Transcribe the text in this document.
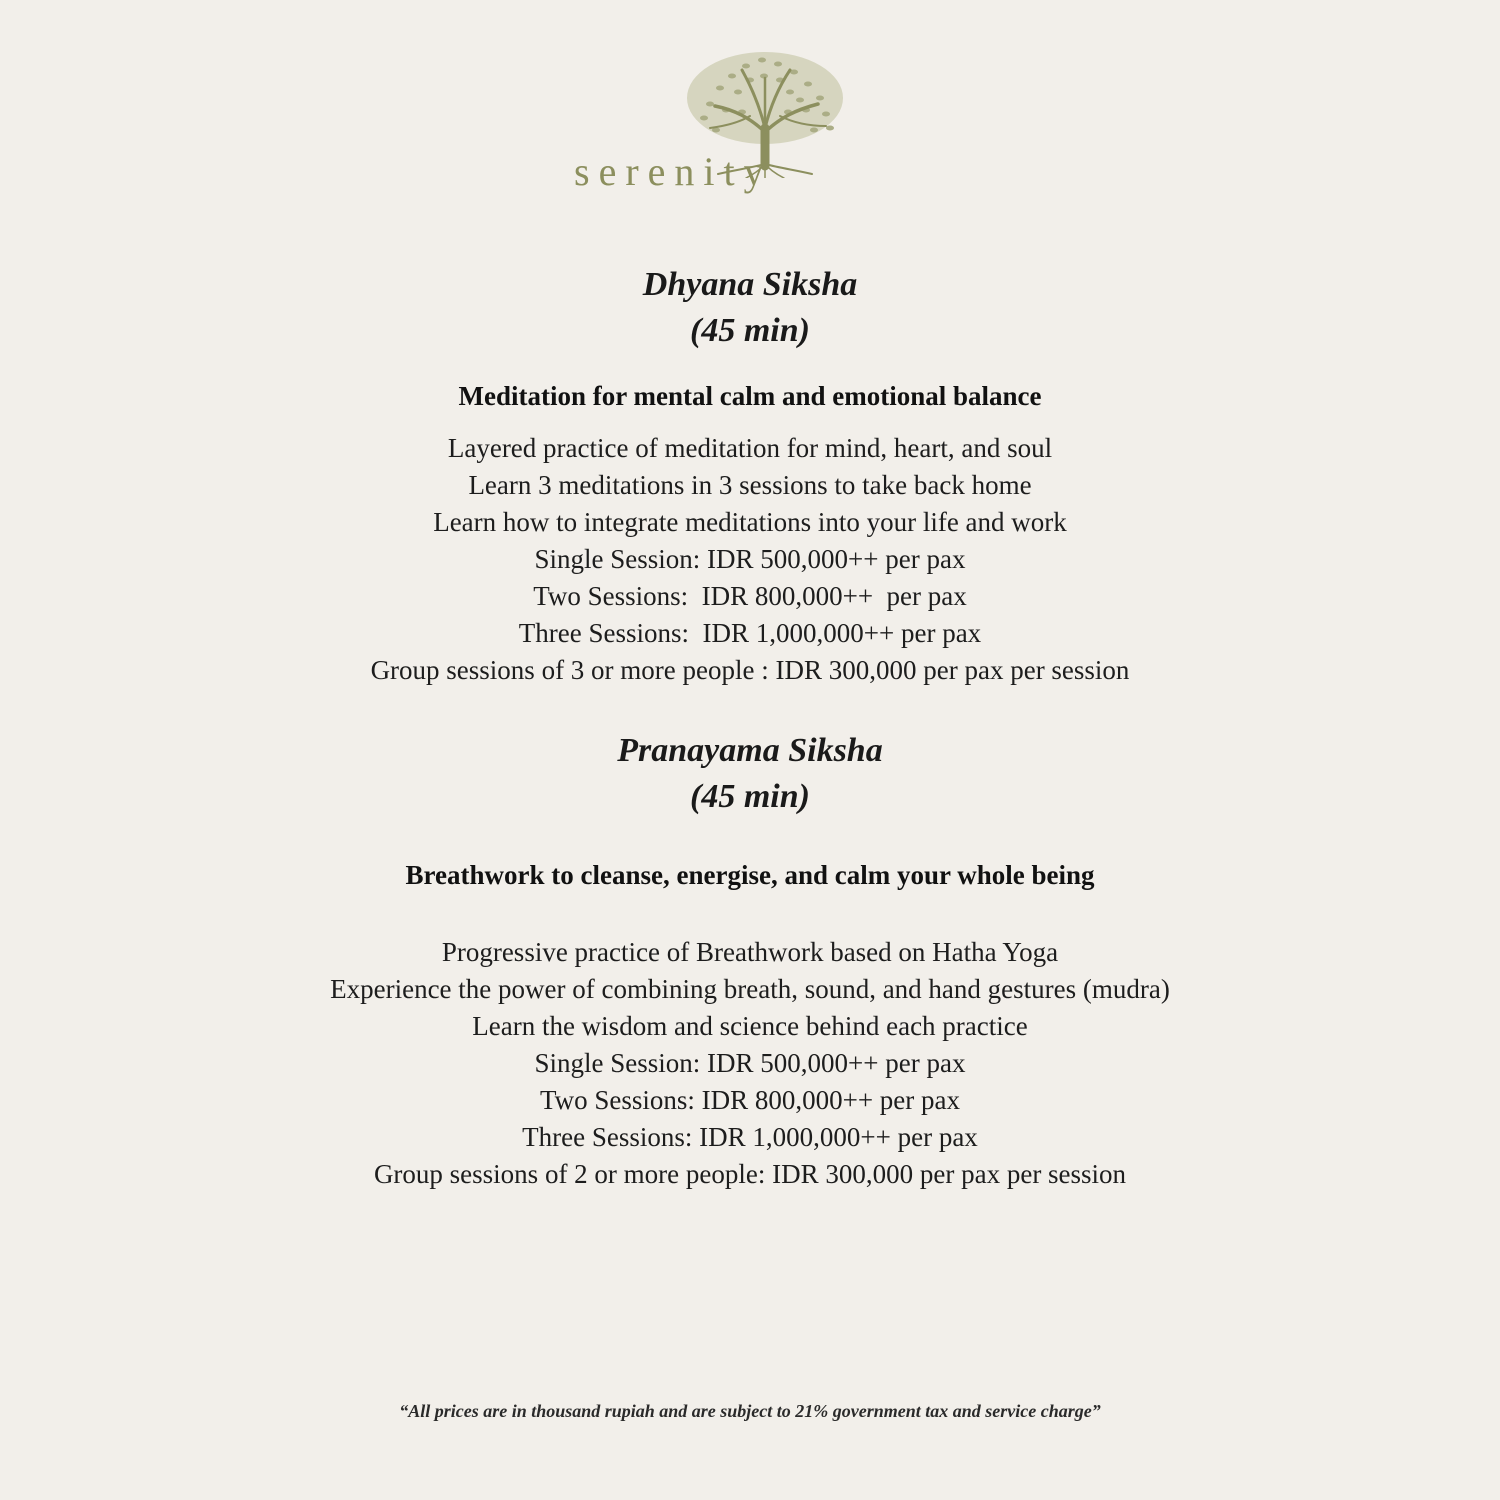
serenity
Dhyana Siksha
(45 min)
Meditation for mental calm and emotional balance
Layered practice of meditation for mind, heart, and soul
Learn 3 meditations in 3 sessions to take back home
Learn how to integrate meditations into your life and work
Single Session: IDR 500,000++ per pax
Two Sessions:  IDR 800,000++  per pax
Three Sessions:  IDR 1,000,000++ per pax
Group sessions of 3 or more people : IDR 300,000 per pax per session
Pranayama Siksha
(45 min)
Breathwork to cleanse, energise, and calm your whole being
Progressive practice of Breathwork based on Hatha Yoga
Experience the power of combining breath, sound, and hand gestures (mudra)
Learn the wisdom and science behind each practice
Single Session: IDR 500,000++ per pax
Two Sessions: IDR 800,000++ per pax
Three Sessions: IDR 1,000,000++ per pax
Group sessions of 2 or more people: IDR 300,000 per pax per session
“All prices are in thousand rupiah and are subject to 21% government tax and service charge”
